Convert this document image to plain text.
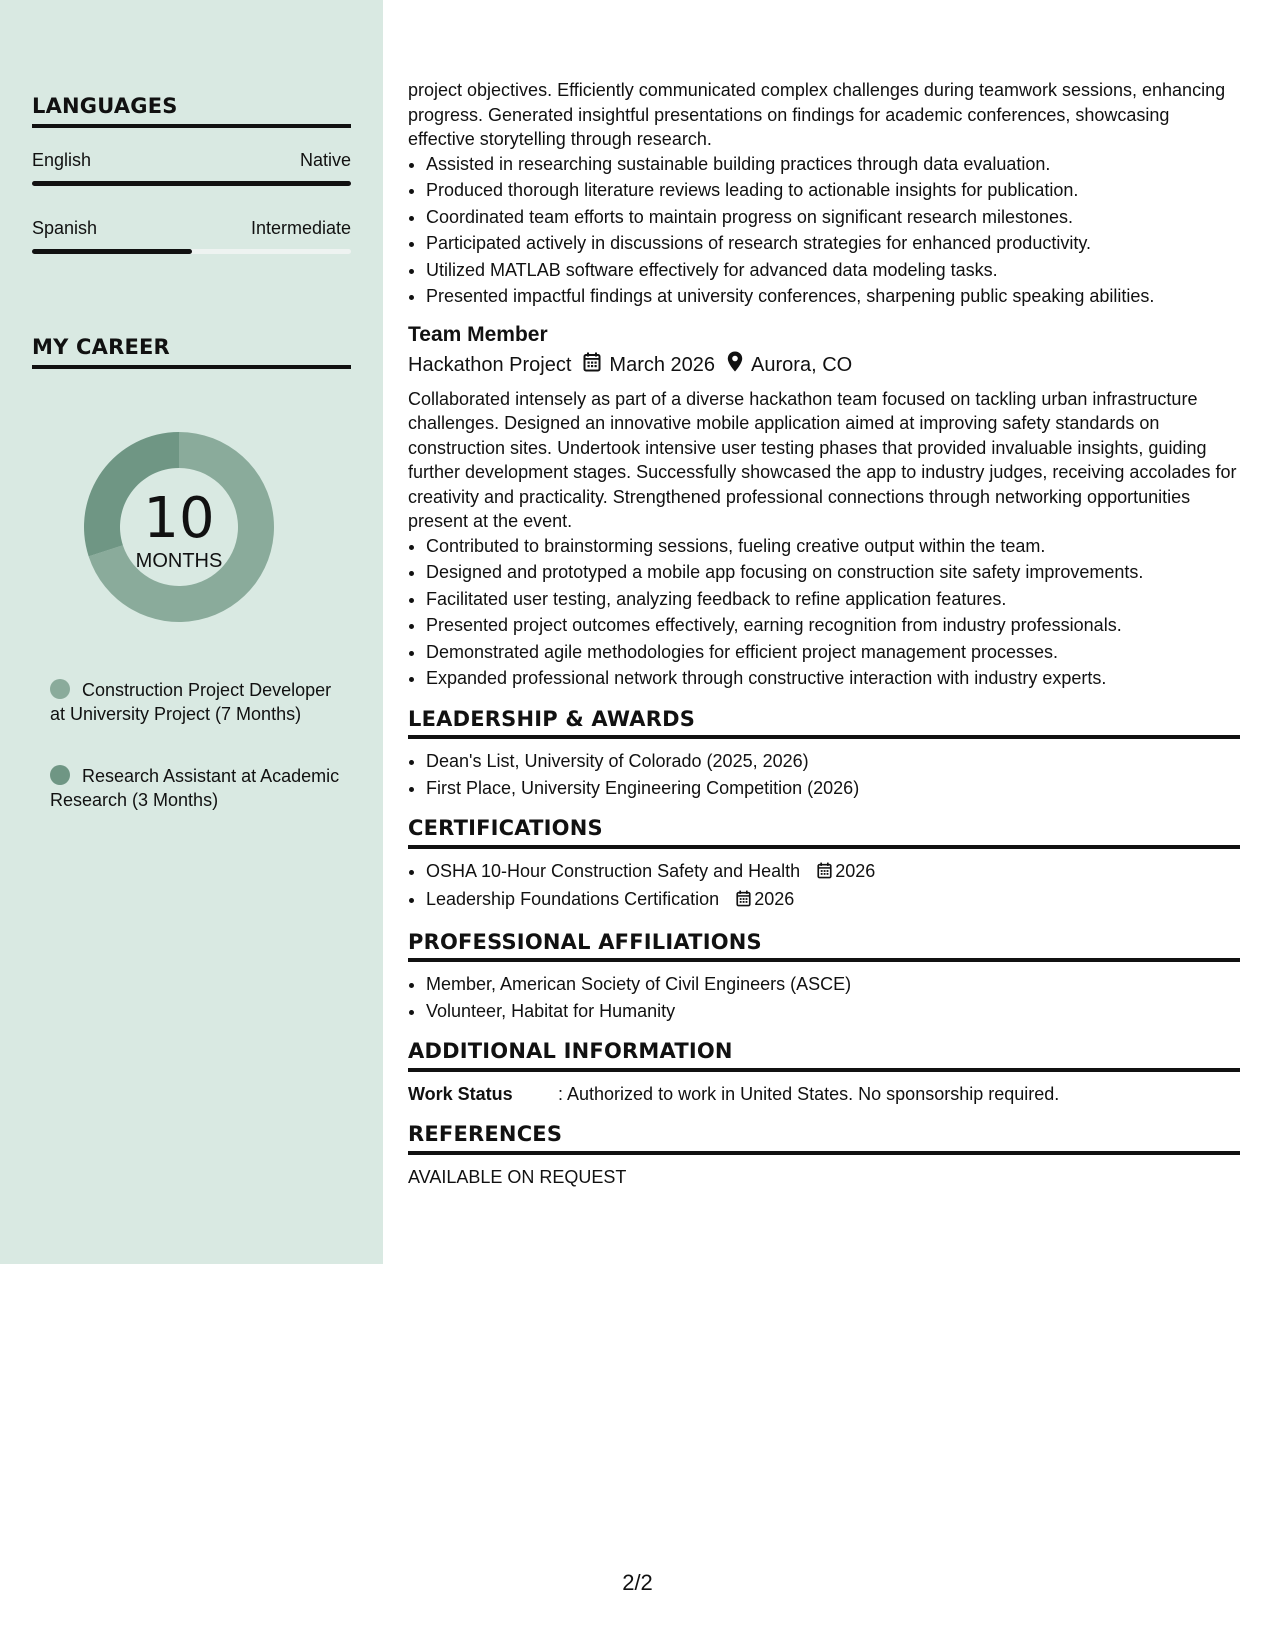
LANGUAGES
English	Native
Spanish	Intermediate
MY CAREER
10
MONTHS
Construction Project Developer at University Project (7 Months)
Research Assistant at Academic Research (3 Months)

project objectives. Efficiently communicated complex challenges during teamwork sessions, enhancing progress. Generated insightful presentations on findings for academic conferences, showcasing effective storytelling through research.

• Assisted in researching sustainable building practices through data evaluation.
• Produced thorough literature reviews leading to actionable insights for publication.
• Coordinated team efforts to maintain progress on significant research milestones.
• Participated actively in discussions of research strategies for enhanced productivity.
• Utilized MATLAB software effectively for advanced data modeling tasks.
• Presented impactful findings at university conferences, sharpening public speaking abilities.
Team Member
Hackathon Project March 2026 Aurora, CO

Collaborated intensely as part of a diverse hackathon team focused on tackling urban infrastructure challenges. Designed an innovative mobile application aimed at improving safety standards on construction sites. Undertook intensive user testing phases that provided invaluable insights, guiding further development stages. Successfully showcased the app to industry judges, receiving accolades for creativity and practicality. Strengthened professional connections through networking opportunities present at the event.

• Contributed to brainstorming sessions, fueling creative output within the team.
• Designed and prototyped a mobile app focusing on construction site safety improvements.
• Facilitated user testing, analyzing feedback to refine application features.
• Presented project outcomes effectively, earning recognition from industry professionals.
• Demonstrated agile methodologies for efficient project management processes.
• Expanded professional network through constructive interaction with industry experts.
LEADERSHIP & AWARDS
• Dean's List, University of Colorado (2025, 2026)
• First Place, University Engineering Competition (2026)
CERTIFICATIONS
• OSHA 10-Hour Construction Safety and Health 2026
• Leadership Foundations Certification 2026
PROFESSIONAL AFFILIATIONS
• Member, American Society of Civil Engineers (ASCE)
• Volunteer, Habitat for Humanity
ADDITIONAL INFORMATION
Work Status	: Authorized to work in United States. No sponsorship required.
REFERENCES

AVAILABLE ON REQUEST

2/2
